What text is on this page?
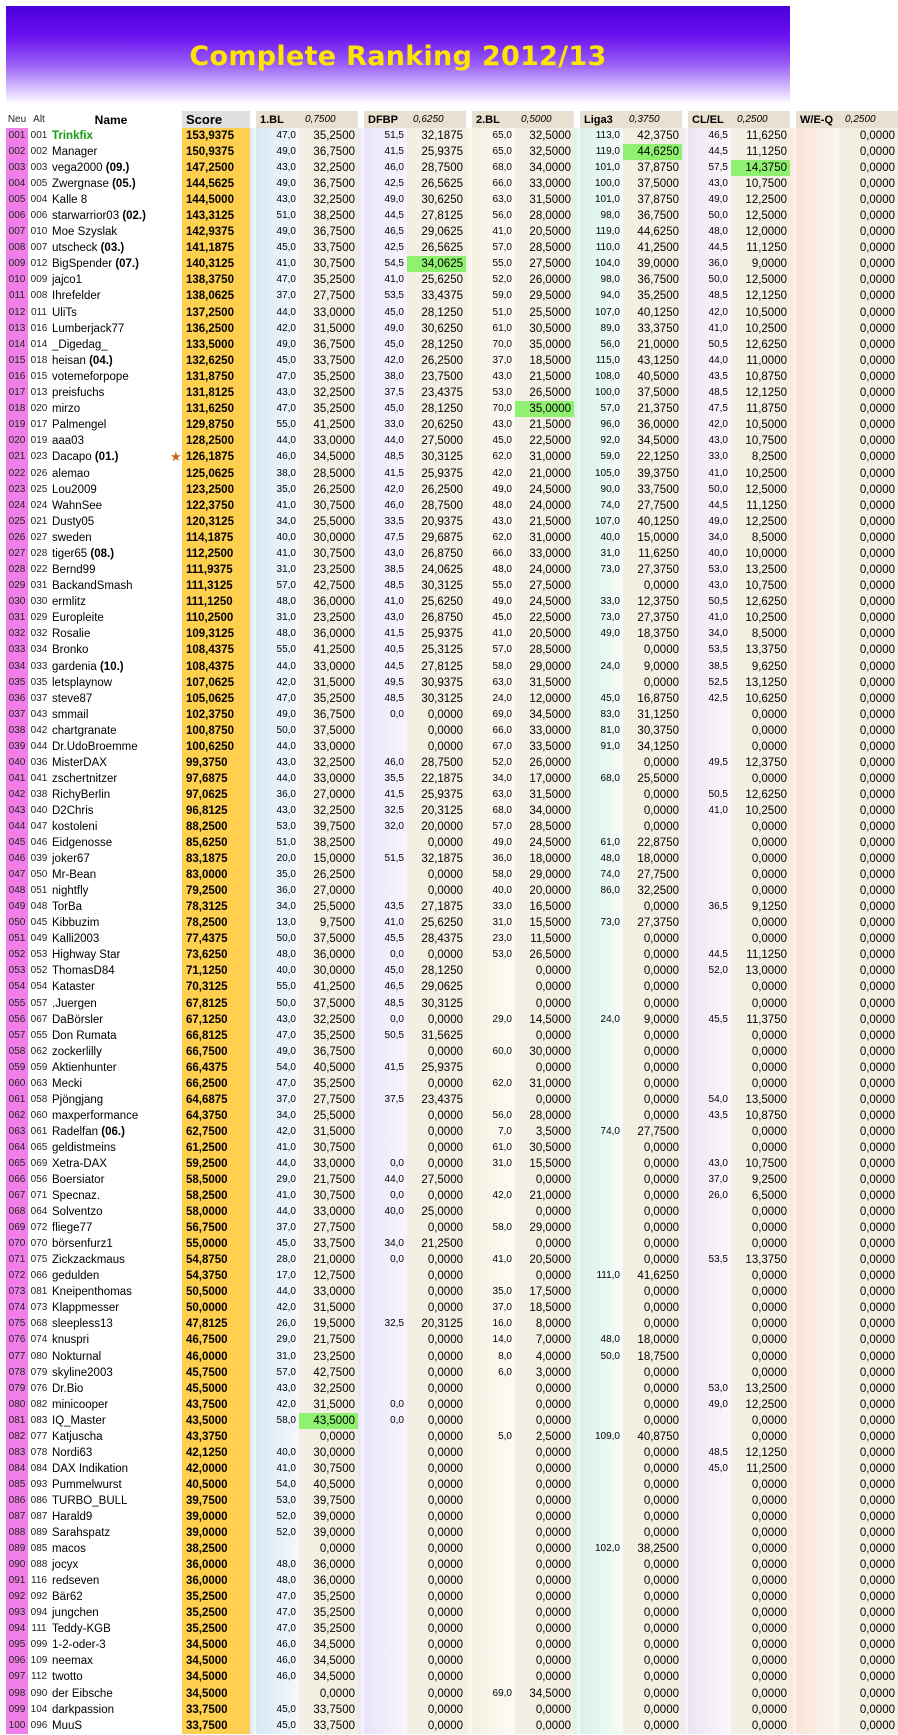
Complete Ranking 2012/13
Neu	Alt	Name		Score		1.BL	0,7500		DFBP	0,6250		2.BL	0,5000		Liga3	0,3750		CL/EL	0,2500		W/E-Q	0,2500
001	001	Trinkfix		153,9375		47,0	35,2500		51,5	32,1875		65,0	32,5000		113,0	42,3750		46,5	11,6250			0,0000
002	002	Manager		150,9375		49,0	36,7500		41,5	25,9375		65,0	32,5000		119,0	44,6250		44,5	11,1250			0,0000
003	003	vega2000 (09.)		147,2500		43,0	32,2500		46,0	28,7500		68,0	34,0000		101,0	37,8750		57,5	14,3750			0,0000
004	005	Zwergnase (05.)		144,5625		49,0	36,7500		42,5	26,5625		66,0	33,0000		100,0	37,5000		43,0	10,7500			0,0000
005	004	Kalle 8		144,5000		43,0	32,2500		49,0	30,6250		63,0	31,5000		101,0	37,8750		49,0	12,2500			0,0000
006	006	starwarrior03 (02.)		143,3125		51,0	38,2500		44,5	27,8125		56,0	28,0000		98,0	36,7500		50,0	12,5000			0,0000
007	010	Moe Szyslak		142,9375		49,0	36,7500		46,5	29,0625		41,0	20,5000		119,0	44,6250		48,0	12,0000			0,0000
008	007	utscheck (03.)		141,1875		45,0	33,7500		42,5	26,5625		57,0	28,5000		110,0	41,2500		44,5	11,1250			0,0000
009	012	BigSpender (07.)		140,3125		41,0	30,7500		54,5	34,0625		55,0	27,5000		104,0	39,0000		36,0	9,0000			0,0000
010	009	jajco1		138,3750		47,0	35,2500		41,0	25,6250		52,0	26,0000		98,0	36,7500		50,0	12,5000			0,0000
011	008	Ihrefelder		138,0625		37,0	27,7500		53,5	33,4375		59,0	29,5000		94,0	35,2500		48,5	12,1250			0,0000
012	011	UliTs		137,2500		44,0	33,0000		45,0	28,1250		51,0	25,5000		107,0	40,1250		42,0	10,5000			0,0000
013	016	Lumberjack77		136,2500		42,0	31,5000		49,0	30,6250		61,0	30,5000		89,0	33,3750		41,0	10,2500			0,0000
014	014	_Digedag_		133,5000		49,0	36,7500		45,0	28,1250		70,0	35,0000		56,0	21,0000		50,5	12,6250			0,0000
015	018	heisan (04.)		132,6250		45,0	33,7500		42,0	26,2500		37,0	18,5000		115,0	43,1250		44,0	11,0000			0,0000
016	015	votemeforpope		131,8750		47,0	35,2500		38,0	23,7500		43,0	21,5000		108,0	40,5000		43,5	10,8750			0,0000
017	013	preisfuchs		131,8125		43,0	32,2500		37,5	23,4375		53,0	26,5000		100,0	37,5000		48,5	12,1250			0,0000
018	020	mirzo		131,6250		47,0	35,2500		45,0	28,1250		70,0	35,0000		57,0	21,3750		47,5	11,8750			0,0000
019	017	Palmengel		129,8750		55,0	41,2500		33,0	20,6250		43,0	21,5000		96,0	36,0000		42,0	10,5000			0,0000
020	019	aaa03		128,2500		44,0	33,0000		44,0	27,5000		45,0	22,5000		92,0	34,5000		43,0	10,7500			0,0000
021	023	Dacapo (01.)	★	126,1875		46,0	34,5000		48,5	30,3125		62,0	31,0000		59,0	22,1250		33,0	8,2500			0,0000
022	026	alemao		125,0625		38,0	28,5000		41,5	25,9375		42,0	21,0000		105,0	39,3750		41,0	10,2500			0,0000
023	025	Lou2009		123,2500		35,0	26,2500		42,0	26,2500		49,0	24,5000		90,0	33,7500		50,0	12,5000			0,0000
024	024	WahnSee		122,3750		41,0	30,7500		46,0	28,7500		48,0	24,0000		74,0	27,7500		44,5	11,1250			0,0000
025	021	Dusty05		120,3125		34,0	25,5000		33,5	20,9375		43,0	21,5000		107,0	40,1250		49,0	12,2500			0,0000
026	027	sweden		114,1875		40,0	30,0000		47,5	29,6875		62,0	31,0000		40,0	15,0000		34,0	8,5000			0,0000
027	028	tiger65 (08.)		112,2500		41,0	30,7500		43,0	26,8750		66,0	33,0000		31,0	11,6250		40,0	10,0000			0,0000
028	022	Bernd99		111,9375		31,0	23,2500		38,5	24,0625		48,0	24,0000		73,0	27,3750		53,0	13,2500			0,0000
029	031	BackandSmash		111,3125		57,0	42,7500		48,5	30,3125		55,0	27,5000			0,0000		43,0	10,7500			0,0000
030	030	ermlitz		111,1250		48,0	36,0000		41,0	25,6250		49,0	24,5000		33,0	12,3750		50,5	12,6250			0,0000
031	029	Europleite		110,2500		31,0	23,2500		43,0	26,8750		45,0	22,5000		73,0	27,3750		41,0	10,2500			0,0000
032	032	Rosalie		109,3125		48,0	36,0000		41,5	25,9375		41,0	20,5000		49,0	18,3750		34,0	8,5000			0,0000
033	034	Bronko		108,4375		55,0	41,2500		40,5	25,3125		57,0	28,5000			0,0000		53,5	13,3750			0,0000
034	033	gardenia (10.)		108,4375		44,0	33,0000		44,5	27,8125		58,0	29,0000		24,0	9,0000		38,5	9,6250			0,0000
035	035	letsplaynow		107,0625		42,0	31,5000		49,5	30,9375		63,0	31,5000			0,0000		52,5	13,1250			0,0000
036	037	steve87		105,0625		47,0	35,2500		48,5	30,3125		24,0	12,0000		45,0	16,8750		42,5	10,6250			0,0000
037	043	smmail		102,3750		49,0	36,7500		0,0	0,0000		69,0	34,5000		83,0	31,1250			0,0000			0,0000
038	042	chartgranate		100,8750		50,0	37,5000			0,0000		66,0	33,0000		81,0	30,3750			0,0000			0,0000
039	044	Dr.UdoBroemme		100,6250		44,0	33,0000			0,0000		67,0	33,5000		91,0	34,1250			0,0000			0,0000
040	036	MisterDAX		99,3750		43,0	32,2500		46,0	28,7500		52,0	26,0000			0,0000		49,5	12,3750			0,0000
041	041	zschertnitzer		97,6875		44,0	33,0000		35,5	22,1875		34,0	17,0000		68,0	25,5000			0,0000			0,0000
042	038	RichyBerlin		97,0625		36,0	27,0000		41,5	25,9375		63,0	31,5000			0,0000		50,5	12,6250			0,0000
043	040	D2Chris		96,8125		43,0	32,2500		32,5	20,3125		68,0	34,0000			0,0000		41,0	10,2500			0,0000
044	047	kostoleni		88,2500		53,0	39,7500		32,0	20,0000		57,0	28,5000			0,0000			0,0000			0,0000
045	046	Eidgenosse		85,6250		51,0	38,2500			0,0000		49,0	24,5000		61,0	22,8750			0,0000			0,0000
046	039	joker67		83,1875		20,0	15,0000		51,5	32,1875		36,0	18,0000		48,0	18,0000			0,0000			0,0000
047	050	Mr-Bean		83,0000		35,0	26,2500			0,0000		58,0	29,0000		74,0	27,7500			0,0000			0,0000
048	051	nightfly		79,2500		36,0	27,0000			0,0000		40,0	20,0000		86,0	32,2500			0,0000			0,0000
049	048	TorBa		78,3125		34,0	25,5000		43,5	27,1875		33,0	16,5000			0,0000		36,5	9,1250			0,0000
050	045	Kibbuzim		78,2500		13,0	9,7500		41,0	25,6250		31,0	15,5000		73,0	27,3750			0,0000			0,0000
051	049	Kalli2003		77,4375		50,0	37,5000		45,5	28,4375		23,0	11,5000			0,0000			0,0000			0,0000
052	053	Highway Star		73,6250		48,0	36,0000		0,0	0,0000		53,0	26,5000			0,0000		44,5	11,1250			0,0000
053	052	ThomasD84		71,1250		40,0	30,0000		45,0	28,1250			0,0000			0,0000		52,0	13,0000			0,0000
054	054	Kataster		70,3125		55,0	41,2500		46,5	29,0625			0,0000			0,0000			0,0000			0,0000
055	057	.Juergen		67,8125		50,0	37,5000		48,5	30,3125			0,0000			0,0000			0,0000			0,0000
056	067	DaBörsler		67,1250		43,0	32,2500		0,0	0,0000		29,0	14,5000		24,0	9,0000		45,5	11,3750			0,0000
057	055	Don Rumata		66,8125		47,0	35,2500		50,5	31,5625			0,0000			0,0000			0,0000			0,0000
058	062	zockerlilly		66,7500		49,0	36,7500			0,0000		60,0	30,0000			0,0000			0,0000			0,0000
059	059	Aktienhunter		66,4375		54,0	40,5000		41,5	25,9375			0,0000			0,0000			0,0000			0,0000
060	063	Mecki		66,2500		47,0	35,2500			0,0000		62,0	31,0000			0,0000			0,0000			0,0000
061	058	Pjöngjang		64,6875		37,0	27,7500		37,5	23,4375			0,0000			0,0000		54,0	13,5000			0,0000
062	060	maxperformance		64,3750		34,0	25,5000			0,0000		56,0	28,0000			0,0000		43,5	10,8750			0,0000
063	061	Radelfan (06.)		62,7500		42,0	31,5000			0,0000		7,0	3,5000		74,0	27,7500			0,0000			0,0000
064	065	geldistmeins		61,2500		41,0	30,7500			0,0000		61,0	30,5000			0,0000			0,0000			0,0000
065	069	Xetra-DAX		59,2500		44,0	33,0000		0,0	0,0000		31,0	15,5000			0,0000		43,0	10,7500			0,0000
066	056	Boersiator		58,5000		29,0	21,7500		44,0	27,5000			0,0000			0,0000		37,0	9,2500			0,0000
067	071	Specnaz.		58,2500		41,0	30,7500		0,0	0,0000		42,0	21,0000			0,0000		26,0	6,5000			0,0000
068	064	Solventzo		58,0000		44,0	33,0000		40,0	25,0000			0,0000			0,0000			0,0000			0,0000
069	072	fliege77		56,7500		37,0	27,7500			0,0000		58,0	29,0000			0,0000			0,0000			0,0000
070	070	börsenfurz1		55,0000		45,0	33,7500		34,0	21,2500			0,0000			0,0000			0,0000			0,0000
071	075	Zickzackmaus		54,8750		28,0	21,0000		0,0	0,0000		41,0	20,5000			0,0000		53,5	13,3750			0,0000
072	066	gedulden		54,3750		17,0	12,7500			0,0000			0,0000		111,0	41,6250			0,0000			0,0000
073	081	Kneipenthomas		50,5000		44,0	33,0000			0,0000		35,0	17,5000			0,0000			0,0000			0,0000
074	073	Klappmesser		50,0000		42,0	31,5000			0,0000		37,0	18,5000			0,0000			0,0000			0,0000
075	068	sleepless13		47,8125		26,0	19,5000		32,5	20,3125		16,0	8,0000			0,0000			0,0000			0,0000
076	074	knuspri		46,7500		29,0	21,7500			0,0000		14,0	7,0000		48,0	18,0000			0,0000			0,0000
077	080	Nokturnal		46,0000		31,0	23,2500			0,0000		8,0	4,0000		50,0	18,7500			0,0000			0,0000
078	079	skyline2003		45,7500		57,0	42,7500			0,0000		6,0	3,0000			0,0000			0,0000			0,0000
079	076	Dr.Bio		45,5000		43,0	32,2500			0,0000			0,0000			0,0000		53,0	13,2500			0,0000
080	082	minicooper		43,7500		42,0	31,5000		0,0	0,0000			0,0000			0,0000		49,0	12,2500			0,0000
081	083	IQ_Master		43,5000		58,0	43,5000		0,0	0,0000			0,0000			0,0000			0,0000			0,0000
082	077	Katjuscha		43,3750			0,0000			0,0000		5,0	2,5000		109,0	40,8750			0,0000			0,0000
083	078	Nordi63		42,1250		40,0	30,0000			0,0000			0,0000			0,0000		48,5	12,1250			0,0000
084	084	DAX Indikation		42,0000		41,0	30,7500			0,0000			0,0000			0,0000		45,0	11,2500			0,0000
085	093	Pummelwurst		40,5000		54,0	40,5000			0,0000			0,0000			0,0000			0,0000			0,0000
086	086	TURBO_BULL		39,7500		53,0	39,7500			0,0000			0,0000			0,0000			0,0000			0,0000
087	087	Harald9		39,0000		52,0	39,0000			0,0000			0,0000			0,0000			0,0000			0,0000
088	089	Sarahspatz		39,0000		52,0	39,0000			0,0000			0,0000			0,0000			0,0000			0,0000
089	085	macos		38,2500			0,0000			0,0000			0,0000		102,0	38,2500			0,0000			0,0000
090	088	jocyx		36,0000		48,0	36,0000			0,0000			0,0000			0,0000			0,0000			0,0000
091	116	redseven		36,0000		48,0	36,0000			0,0000			0,0000			0,0000			0,0000			0,0000
092	092	Bär62		35,2500		47,0	35,2500			0,0000			0,0000			0,0000			0,0000			0,0000
093	094	jungchen		35,2500		47,0	35,2500			0,0000			0,0000			0,0000			0,0000			0,0000
094	111	Teddy-KGB		35,2500		47,0	35,2500			0,0000			0,0000			0,0000			0,0000			0,0000
095	099	1-2-oder-3		34,5000		46,0	34,5000			0,0000			0,0000			0,0000			0,0000			0,0000
096	109	neemax		34,5000		46,0	34,5000			0,0000			0,0000			0,0000			0,0000			0,0000
097	112	twotto		34,5000		46,0	34,5000			0,0000			0,0000			0,0000			0,0000			0,0000
098	090	der Eibsche		34,5000			0,0000			0,0000		69,0	34,5000			0,0000			0,0000			0,0000
099	104	darkpassion		33,7500		45,0	33,7500			0,0000			0,0000			0,0000			0,0000			0,0000
100	096	MuuS		33,7500		45,0	33,7500			0,0000			0,0000			0,0000			0,0000			0,0000
